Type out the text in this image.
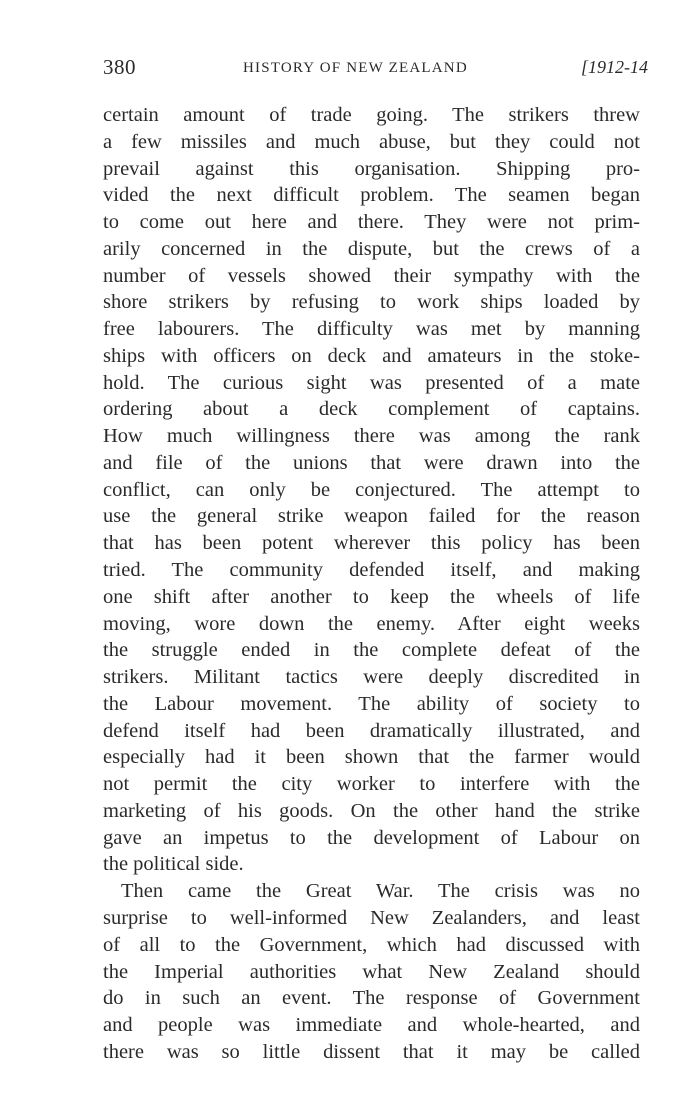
380	HISTORY OF NEW ZEALAND	[1912-14
certain amount of trade going. The strikers threw
a few missiles and much abuse, but they could not
prevail against this organisation. Shipping pro-
vided the next difficult problem. The seamen began
to come out here and there. They were not prim-
arily concerned in the dispute, but the crews of a
number of vessels showed their sympathy with the
shore strikers by refusing to work ships loaded by
free labourers. The difficulty was met by manning
ships with officers on deck and amateurs in the stoke-
hold. The curious sight was presented of a mate
ordering about a deck complement of captains.
How much willingness there was among the rank
and file of the unions that were drawn into the
conflict, can only be conjectured. The attempt to
use the general strike weapon failed for the reason
that has been potent wherever this policy has been
tried. The community defended itself, and making
one shift after another to keep the wheels of life
moving, wore down the enemy. After eight weeks
the struggle ended in the complete defeat of the
strikers. Militant tactics were deeply discredited in
the Labour movement. The ability of society to
defend itself had been dramatically illustrated, and
especially had it been shown that the farmer would
not permit the city worker to interfere with the
marketing of his goods. On the other hand the strike
gave an impetus to the development of Labour on
the political side.
Then came the Great War. The crisis was no
surprise to well-informed New Zealanders, and least
of all to the Government, which had discussed with
the Imperial authorities what New Zealand should
do in such an event. The response of Government
and people was immediate and whole-hearted, and
there was so little dissent that it may be called
